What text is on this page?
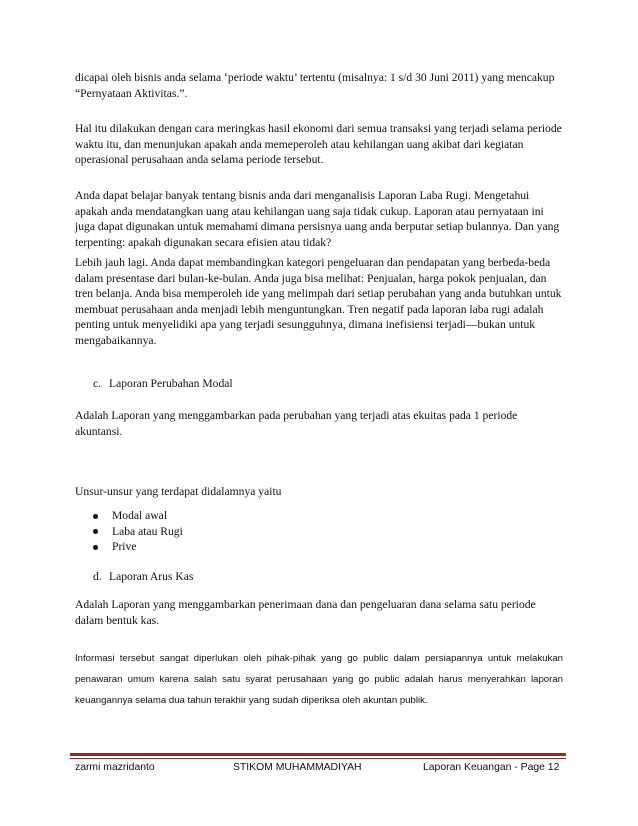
dicapai oleh bisnis anda selama ‘periode waktu’ tertentu (misalnya: 1 s/d 30 Juni 2011) yang mencakup “Pernyataan Aktivitas.”.

Hal itu dilakukan dengan cara meringkas hasil ekonomi dari semua transaksi yang terjadi selama periode waktu itu, dan menunjukan apakah anda memeperoleh atau kehilangan uang akibat dari kegiatan operasional perusahaan anda selama periode tersebut.

Anda dapat belajar banyak tentang bisnis anda dari menganalisis Laporan Laba Rugi. Mengetahui apakah anda mendatangkan uang atau kehilangan uang saja tidak cukup. Laporan atau pernyataan ini juga dapat digunakan untuk memahami dimana persisnya uang anda berputar setiap bulannya. Dan yang terpenting: apakah digunakan secara efisien atau tidak?

Lebih jauh lagi. Anda dapat membandingkan kategori pengeluaran dan pendapatan yang berbeda-beda dalam presentase dari bulan-ke-bulan. Anda juga bisa melihat: Penjualan, harga pokok penjualan, dan tren belanja. Anda bisa memperoleh ide yang melimpah dari setiap perubahan yang anda butuhkan untuk membuat perusahaan anda menjadi lebih menguntungkan. Tren negatif pada laporan laba rugi adalah penting untuk menyelidiki apa yang terjadi sesungguhnya, dimana inefisiensi terjadi—bukan untuk mengabaikannya.

c. Laporan Perubahan Modal

Adalah Laporan yang menggambarkan pada perubahan yang terjadi atas ekuitas pada 1 periode akuntansi.

Unsur-unsur yang terdapat didalamnya yaitu

Modal awal
Laba atau Rugi
Prive
d. Laporan Arus Kas

Adalah Laporan yang menggambarkan penerimaan dana dan pengeluaran dana selama satu periode dalam bentuk kas.

Informasi tersebut sangat diperlukan oleh pihak-pihak yang go public dalam persiapannya untuk melakukan penawaran umum karena salah satu syarat perusahaan yang go public adalah harus menyerahkan laporan keuangannya selama dua tahun terakhir yang sudah diperiksa oleh akuntan publik.

zarmi mazridanto	STIKOM MUHAMMADIYAH	Laporan Keuangan - Page 12
